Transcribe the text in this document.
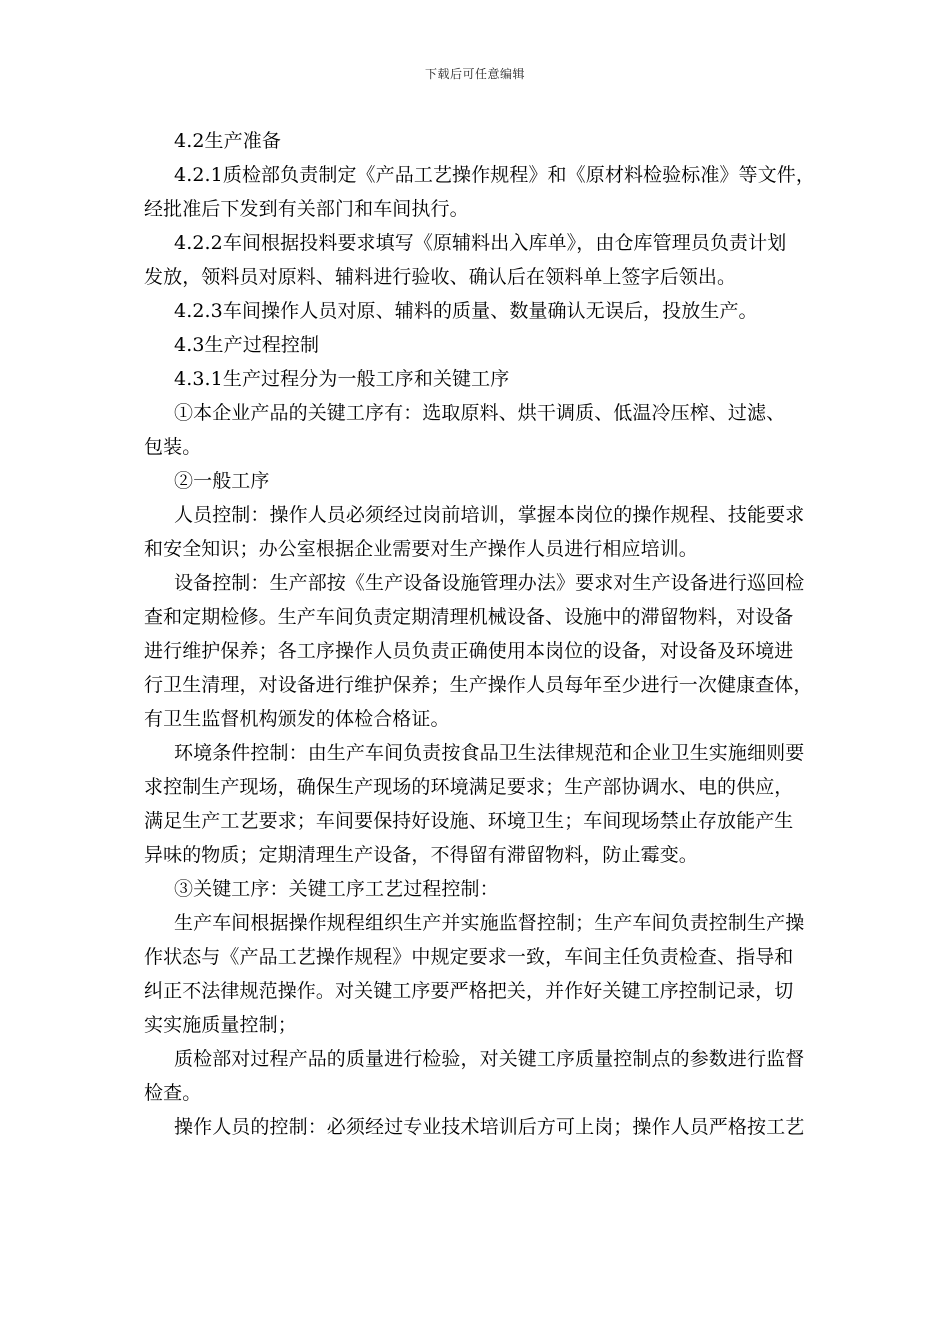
下载后可任意编辑
4.2生产准备
4.2.1质检部负责制定《产品工艺操作规程》和《原材料检验标准》等文件，
经批准后下发到有关部门和车间执行。
4.2.2车间根据投料要求填写《原辅料出入库单》，由仓库管理员负责计划
发放，领料员对原料、辅料进行验收、确认后在领料单上签字后领出。
4.2.3车间操作人员对原、辅料的质量、数量确认无误后，投放生产。
4.3生产过程控制
4.3.1生产过程分为一般工序和关键工序
①本企业产品的关键工序有：选取原料、烘干调质、低温冷压榨、过滤、
包装。
②一般工序
人员控制：操作人员必须经过岗前培训，掌握本岗位的操作规程、技能要求
和安全知识；办公室根据企业需要对生产操作人员进行相应培训。
设备控制：生产部按《生产设备设施管理办法》要求对生产设备进行巡回检
查和定期检修。生产车间负责定期清理机械设备、设施中的滞留物料，对设备
进行维护保养；各工序操作人员负责正确使用本岗位的设备，对设备及环境进
行卫生清理，对设备进行维护保养；生产操作人员每年至少进行一次健康查体，
有卫生监督机构颁发的体检合格证。
环境条件控制：由生产车间负责按食品卫生法律规范和企业卫生实施细则要
求控制生产现场，确保生产现场的环境满足要求；生产部协调水、电的供应，
满足生产工艺要求；车间要保持好设施、环境卫生；车间现场禁止存放能产生
异味的物质；定期清理生产设备，不得留有滞留物料，防止霉变。
③关键工序：关键工序工艺过程控制：
生产车间根据操作规程组织生产并实施监督控制；生产车间负责控制生产操
作状态与《产品工艺操作规程》中规定要求一致，车间主任负责检查、指导和
纠正不法律规范操作。对关键工序要严格把关，并作好关键工序控制记录，切
实实施质量控制；
质检部对过程产品的质量进行检验，对关键工序质量控制点的参数进行监督
检查。
操作人员的控制：必须经过专业技术培训后方可上岗；操作人员严格按工艺
